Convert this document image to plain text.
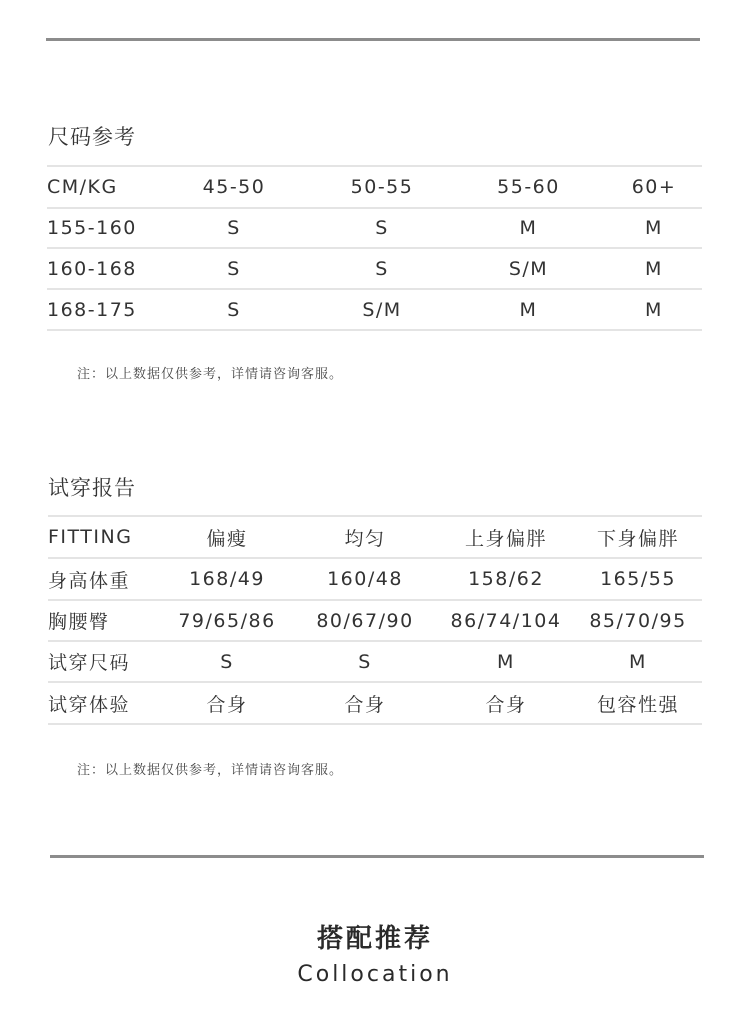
尺码参考
CM/KG	45-50	50-55	55-60	60+
155-160	S	S	M	M
160-168	S	S	S/M	M
168-175	S	S/M	M	M
注：以上数据仅供参考，详情请咨询客服。
试穿报告
FITTING	偏瘦	均匀	上身偏胖	下身偏胖
身高体重	168/49	160/48	158/62	165/55
胸腰臀	79/65/86	80/67/90	86/74/104	85/70/95
试穿尺码	S	S	M	M
试穿体验	合身	合身	合身	包容性强
注：以上数据仅供参考，详情请咨询客服。
搭配推荐
Collocation
